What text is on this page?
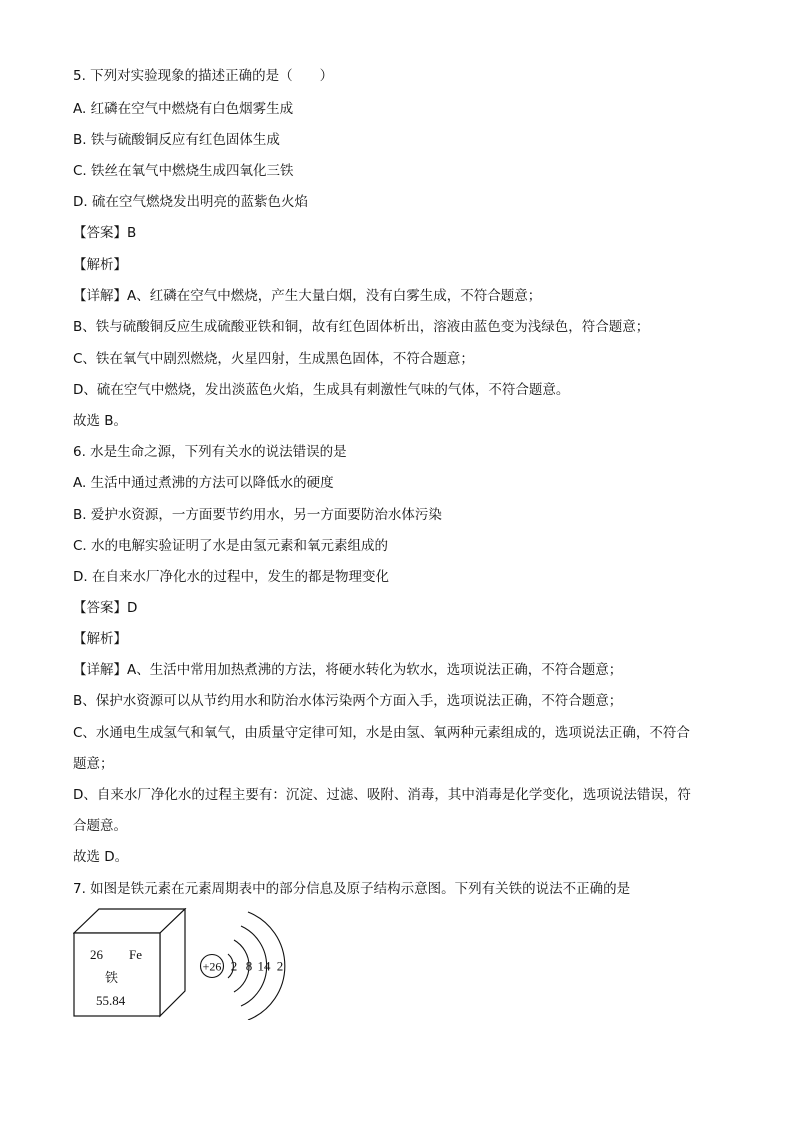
5. 下列对实验现象的描述正确的是（　　）
A. 红磷在空气中燃烧有白色烟雾生成
B. 铁与硫酸铜反应有红色固体生成
C. 铁丝在氧气中燃烧生成四氧化三铁
D. 硫在空气燃烧发出明亮的蓝紫色火焰
【答案】B
【解析】
【详解】A、红磷在空气中燃烧，产生大量白烟，没有白雾生成，不符合题意；
B、铁与硫酸铜反应生成硫酸亚铁和铜，故有红色固体析出，溶液由蓝色变为浅绿色，符合题意；
C、铁在氧气中剧烈燃烧，火星四射，生成黑色固体，不符合题意；
D、硫在空气中燃烧，发出淡蓝色火焰，生成具有刺激性气味的气体，不符合题意。
故选 B。
6. 水是生命之源，下列有关水的说法错误的是
A. 生活中通过煮沸的方法可以降低水的硬度
B. 爱护水资源，一方面要节约用水，另一方面要防治水体污染
C. 水的电解实验证明了水是由氢元素和氧元素组成的
D. 在自来水厂净化水的过程中，发生的都是物理变化
【答案】D
【解析】
【详解】A、生活中常用加热煮沸的方法，将硬水转化为软水，选项说法正确，不符合题意；
B、保护水资源可以从节约用水和防治水体污染两个方面入手，选项说法正确，不符合题意；
C、水通电生成氢气和氧气，由质量守定律可知，水是由氢、氧两种元素组成的，选项说法正确，不符合
题意；
D、自来水厂净化水的过程主要有：沉淀、过滤、吸附、消毒，其中消毒是化学变化，选项说法错误，符
合题意。
故选 D。
7. 如图是铁元素在元素周期表中的部分信息及原子结构示意图。下列有关铁的说法不正确的是
26 Fe
铁
55.84
+26 2 8 14 2
